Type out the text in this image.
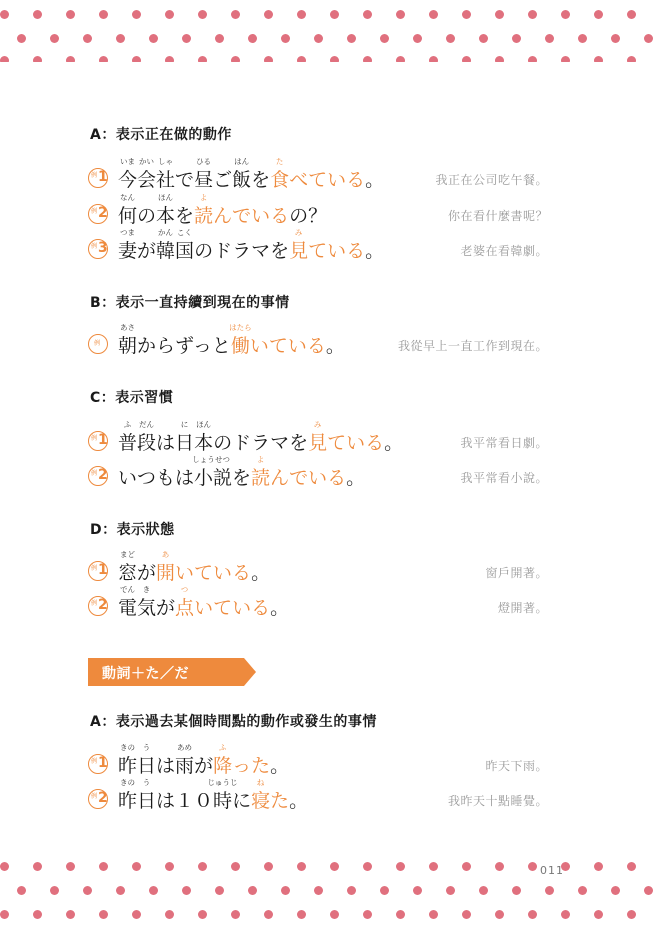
A：表示正在做的動作
例 1 今
いま
会
かい
社
しゃ
で昼
ひる
ご飯
はん
を食
た
べている。	我正在公司吃午餐。
例 2 何
なん
の本
ほん
を読
よ
んでいるの？	你在看什麼書呢？
例 3 妻
つま
が韓
かん
国
こく
のドラマを見
み
ている。	老婆在看韓劇。
B：表示一直持續到現在的事情
例 朝
あさ
からずっと働
はたら
いている。	我從早上一直工作到現在。
C：表示習慣
例 1 普
ふ
段
だん
は日
に
本
ほん
のドラマを見
み
ている。	我平常看日劇。
例 2 いつもは小
しょう
説
せつ
を読
よ
んでいる。	我平常看小說。
D：表示狀態
例 1 窓
まど
が開
あ
いている。	窗戶開著。
例 2 電
でん
気
き
が点
つ
いている。	燈開著。
動詞＋た／だ
A：表示過去某個時間點的動作或發生的事情
例 1 昨
きの
日
う
は雨
あめ
が降
ふ
った。	昨天下雨。
例 2 昨
きの
日
う
は１０時
じゅうじ
に寝
ね
た。	我昨天十點睡覺。
011
